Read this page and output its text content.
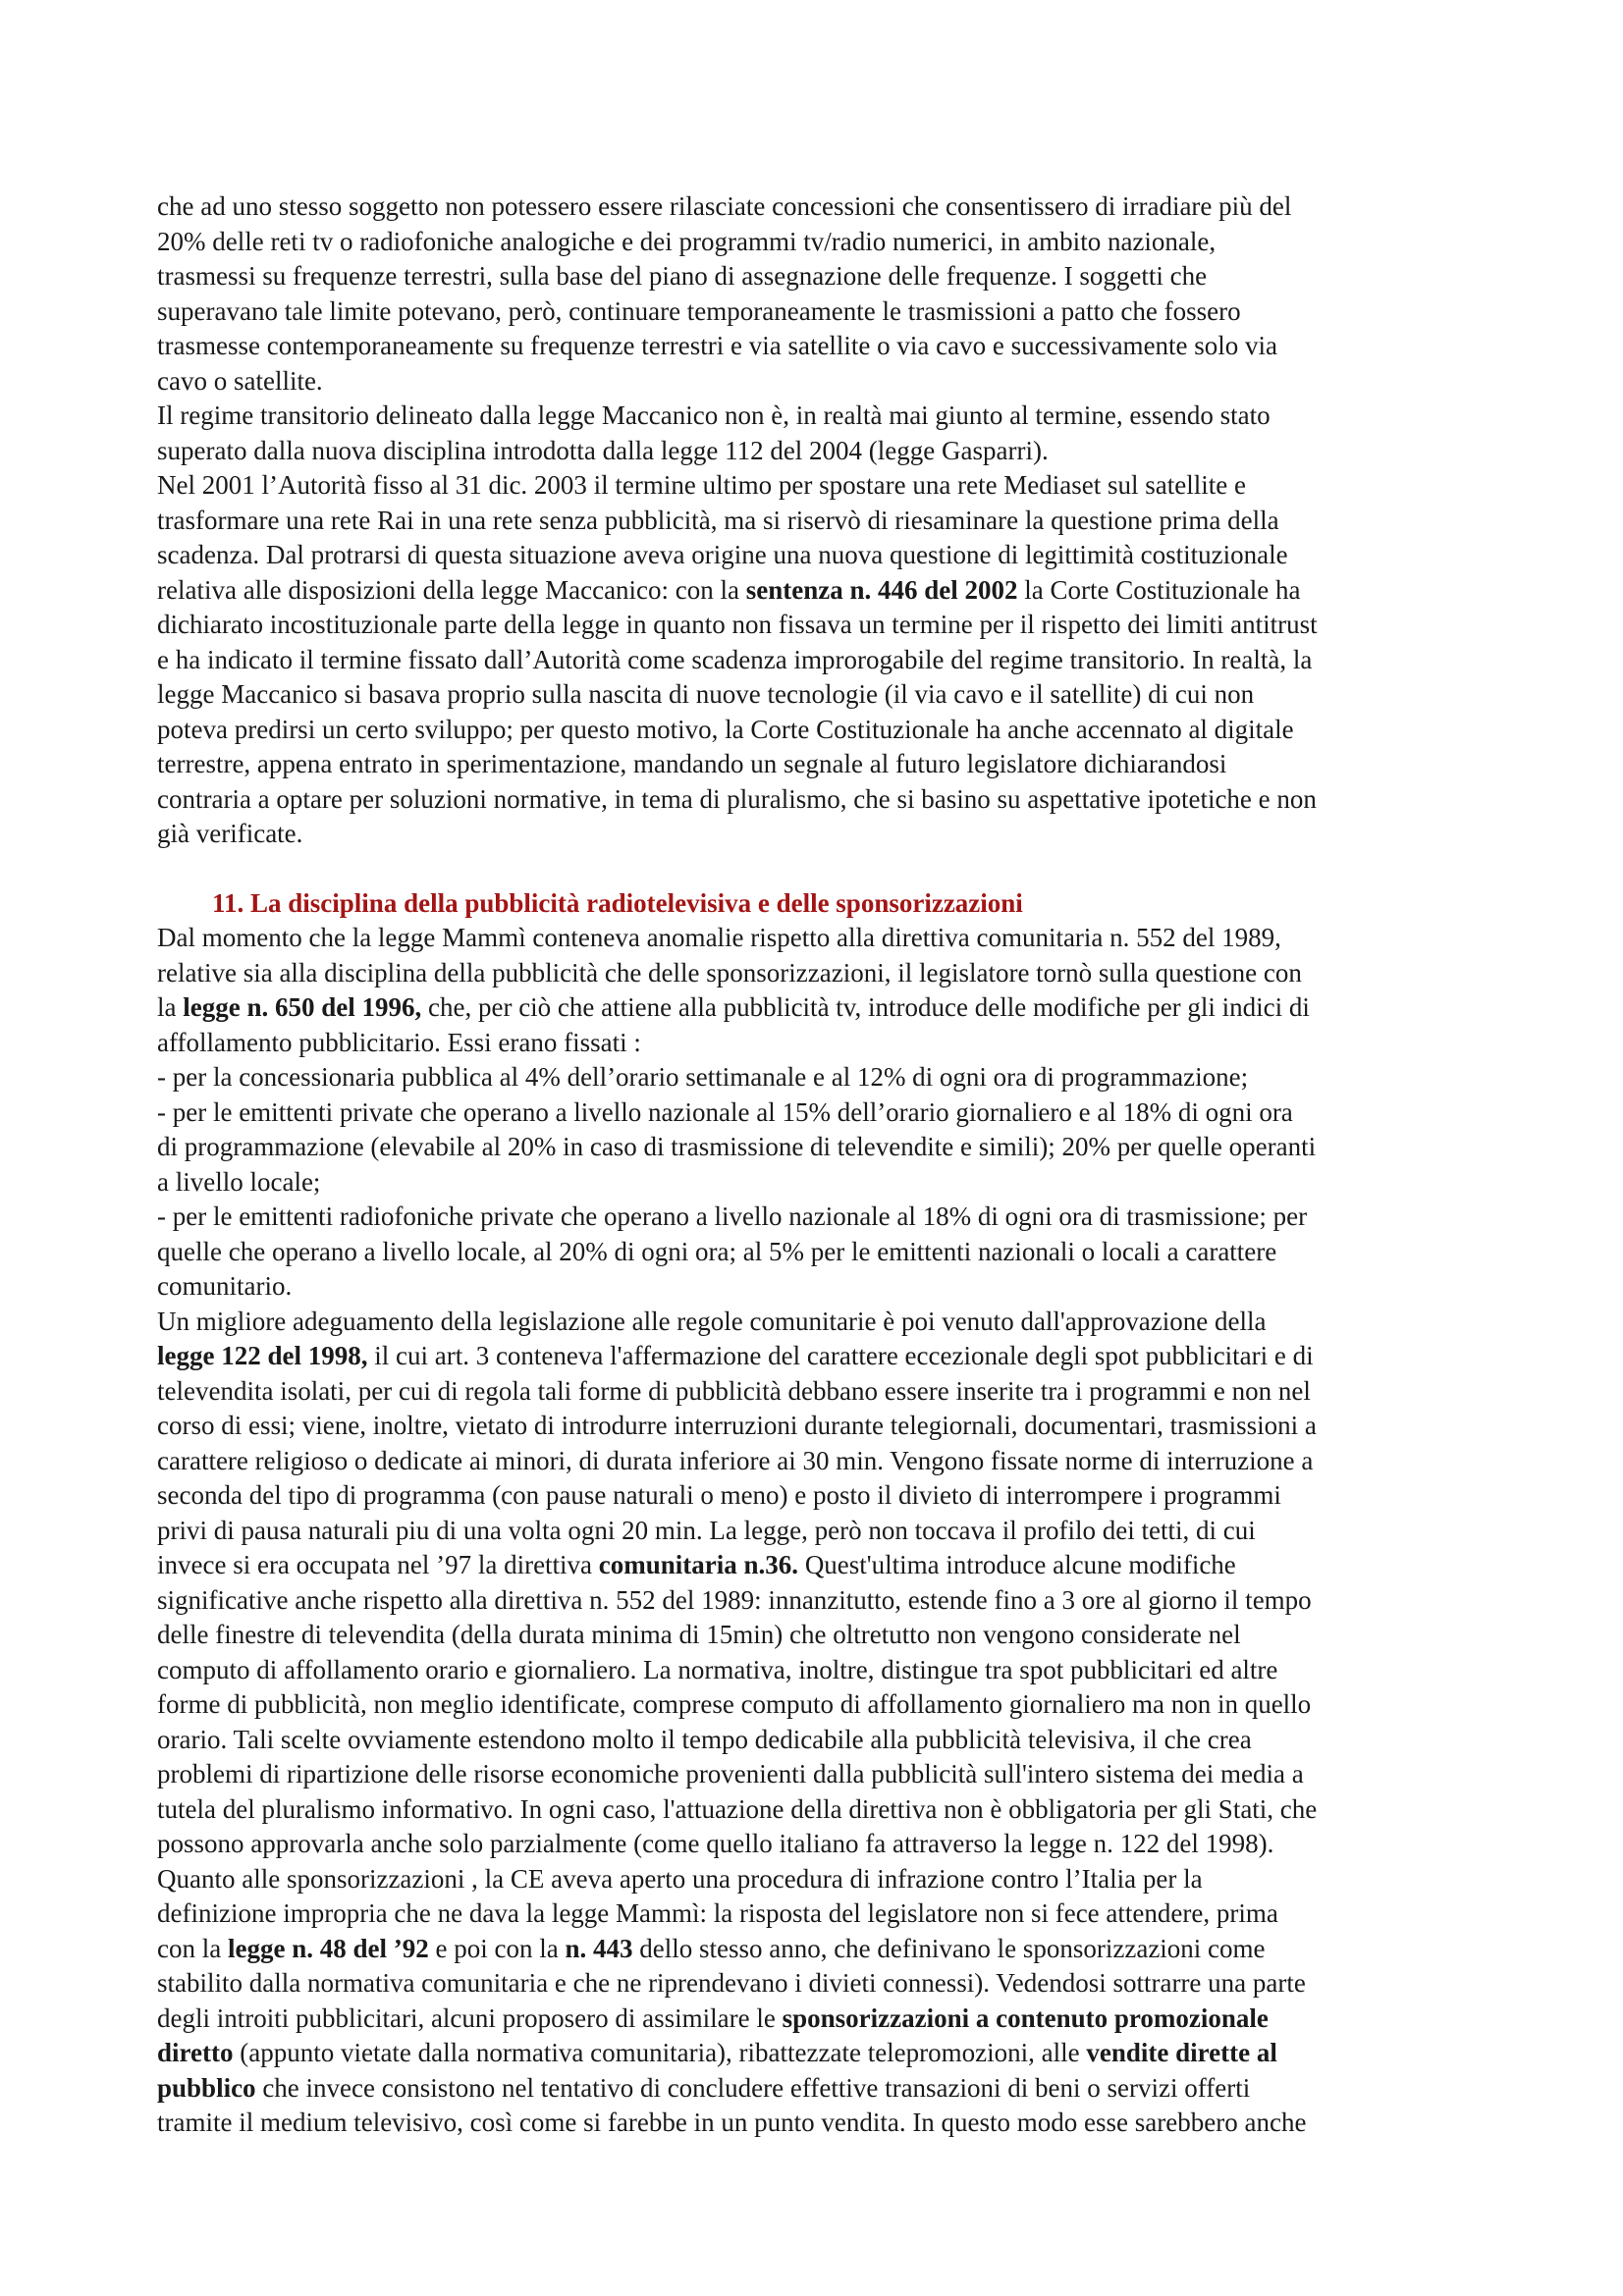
che ad uno stesso soggetto non potessero essere rilasciate concessioni che consentissero di irradiare più del
20% delle reti tv o radiofoniche analogiche e dei programmi tv/radio numerici, in ambito nazionale,
trasmessi su frequenze terrestri, sulla base del piano di assegnazione delle frequenze. I soggetti che
superavano tale limite potevano, però, continuare temporaneamente le trasmissioni a patto che fossero
trasmesse contemporaneamente su frequenze terrestri e via satellite o via cavo e successivamente solo via
cavo o satellite.
Il regime transitorio delineato dalla legge Maccanico non è, in realtà mai giunto al termine, essendo stato
superato dalla nuova disciplina introdotta dalla legge 112 del 2004 (legge Gasparri).
Nel 2001 l’Autorità fisso al 31 dic. 2003 il termine ultimo per spostare una rete Mediaset sul satellite e
trasformare una rete Rai in una rete senza pubblicità, ma si riservò di riesaminare la questione prima della
scadenza. Dal protrarsi di questa situazione aveva origine una nuova questione di legittimità costituzionale
relativa alle disposizioni della legge Maccanico: con la sentenza n. 446 del 2002 la Corte Costituzionale ha
dichiarato incostituzionale parte della legge in quanto non fissava un termine per il rispetto dei limiti antitrust
e ha indicato il termine fissato dall’Autorità come scadenza improrogabile del regime transitorio. In realtà, la
legge Maccanico si basava proprio sulla nascita di nuove tecnologie (il via cavo e il satellite) di cui non
poteva predirsi un certo sviluppo; per questo motivo, la Corte Costituzionale ha anche accennato al digitale
terrestre, appena entrato in sperimentazione, mandando un segnale al futuro legislatore dichiarandosi
contraria a optare per soluzioni normative, in tema di pluralismo, che si basino su aspettative ipotetiche e non
già verificate.
11. La disciplina della pubblicità radiotelevisiva e delle sponsorizzazioni
Dal momento che la legge Mammì conteneva anomalie rispetto alla direttiva comunitaria n. 552 del 1989,
relative sia alla disciplina della pubblicità che delle sponsorizzazioni, il legislatore tornò sulla questione con
la legge n. 650 del 1996, che, per ciò che attiene alla pubblicità tv, introduce delle modifiche per gli indici di
affollamento pubblicitario. Essi erano fissati :
- per la concessionaria pubblica al 4% dell’orario settimanale e al 12% di ogni ora di programmazione;
- per le emittenti private che operano a livello nazionale al 15% dell’orario giornaliero e al 18% di ogni ora
di programmazione (elevabile al 20% in caso di trasmissione di televendite e simili); 20% per quelle operanti
a livello locale;
- per le emittenti radiofoniche private che operano a livello nazionale al 18% di ogni ora di trasmissione; per
quelle che operano a livello locale, al 20% di ogni ora; al 5% per le emittenti nazionali o locali a carattere
comunitario.
Un migliore adeguamento della legislazione alle regole comunitarie è poi venuto dall'approvazione della
legge 122 del 1998, il cui art. 3 conteneva l'affermazione del carattere eccezionale degli spot pubblicitari e di
televendita isolati, per cui di regola tali forme di pubblicità debbano essere inserite tra i programmi e non nel
corso di essi; viene, inoltre, vietato di introdurre interruzioni durante telegiornali, documentari, trasmissioni a
carattere religioso o dedicate ai minori, di durata inferiore ai 30 min. Vengono fissate norme di interruzione a
seconda del tipo di programma (con pause naturali o meno) e posto il divieto di interrompere i programmi
privi di pausa naturali piu di una volta ogni 20 min. La legge, però non toccava il profilo dei tetti, di cui
invece si era occupata nel ’97 la direttiva comunitaria n.36. Quest'ultima introduce alcune modifiche
significative anche rispetto alla direttiva n. 552 del 1989: innanzitutto, estende fino a 3 ore al giorno il tempo
delle finestre di televendita (della durata minima di 15min) che oltretutto non vengono considerate nel
computo di affollamento orario e giornaliero. La normativa, inoltre, distingue tra spot pubblicitari ed altre
forme di pubblicità, non meglio identificate, comprese computo di affollamento giornaliero ma non in quello
orario. Tali scelte ovviamente estendono molto il tempo dedicabile alla pubblicità televisiva, il che crea
problemi di ripartizione delle risorse economiche provenienti dalla pubblicità sull'intero sistema dei media a
tutela del pluralismo informativo. In ogni caso, l'attuazione della direttiva non è obbligatoria per gli Stati, che
possono approvarla anche solo parzialmente (come quello italiano fa attraverso la legge n. 122 del 1998).
Quanto alle sponsorizzazioni , la CE aveva aperto una procedura di infrazione contro l’Italia per la
definizione impropria che ne dava la legge Mammì: la risposta del legislatore non si fece attendere, prima
con la legge n. 48 del ’92 e poi con la n. 443 dello stesso anno, che definivano le sponsorizzazioni come
stabilito dalla normativa comunitaria e che ne riprendevano i divieti connessi). Vedendosi sottrarre una parte
degli introiti pubblicitari, alcuni proposero di assimilare le sponsorizzazioni a contenuto promozionale
diretto (appunto vietate dalla normativa comunitaria), ribattezzate telepromozioni, alle vendite dirette al
pubblico che invece consistono nel tentativo di concludere effettive transazioni di beni o servizi offerti
tramite il medium televisivo, così come si farebbe in un punto vendita. In questo modo esse sarebbero anche
